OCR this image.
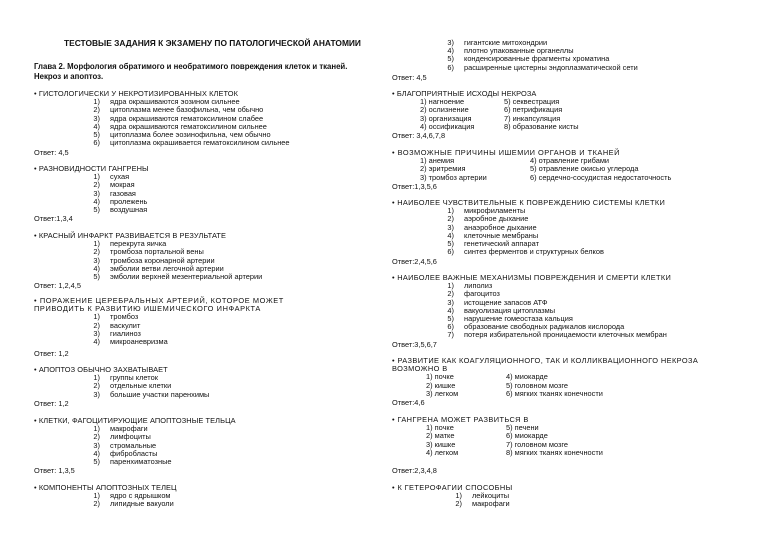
ТЕСТОВЫЕ ЗАДАНИЯ К ЭКЗАМЕНУ ПО ПАТОЛОГИЧЕСКОЙ АНАТОМИИ
Глава 2. Морфология обратимого и необратимого повреждения клеток и тканей. Некроз и апоптоз.
• ГИСТОЛОГИЧЕСКИ У НЕКРОТИЗИРОВАННЫХ КЛЕТОК
1) ядра окрашиваются эозином сильнее
2) цитоплазма менее базофильна, чем обычно
3) ядра окрашиваются гематоксилином слабее
4) ядра окрашиваются гематоксилином сильнее
5) цитоплазма более эозинофильна, чем обычно
6) цитоплазма окрашивается гематоксилином сильнее
Ответ: 4,5
• РАЗНОВИДНОСТИ ГАНГРЕНЫ
1) сухая
2) мокрая
3) газовая
4) пролежень
5) воздушная
Ответ:1,3,4
• КРАСНЫЙ ИНФАРКТ РАЗВИВАЕТСЯ В РЕЗУЛЬТАТЕ
1) перекрута яичка
2) тромбоза портальной вены
3) тромбоза коронарной артерии
4) эмболии ветви легочной артерии
5) эмболии верхней мезентериальной артерии
Ответ: 1,2,4,5
• ПОРАЖЕНИЕ ЦЕРЕБРАЛЬНЫХ АРТЕРИЙ, КОТОРОЕ МОЖЕТ ПРИВОДИТЬ К РАЗВИТИЮ ИШЕМИЧЕСКОГО ИНФАРКТА
1) тромбоз
2) васкулит
3) гиалиноз
4) микроаневризма
Ответ: 1,2
• АПОПТОЗ ОБЫЧНО ЗАХВАТЫВАЕТ
1) группы клеток
2) отдельные клетки
3) большие участки паренхимы
Ответ: 1,2
• КЛЕТКИ, ФАГОЦИТИРУЮЩИЕ АПОПТОЗНЫЕ ТЕЛЬЦА
1) макрофаги
2) лимфоциты
3) стромальные
4) фибробласты
5) паренхиматозные
Ответ: 1,3,5
• КОМПОНЕНТЫ АПОПТОЗНЫХ ТЕЛЕЦ
1) ядро с ядрышком
2) липидные вакуоли
3) гигантские митохондрии
4) плотно упакованные органеллы
5) конденсированные фрагменты хроматина
6) расширенные цистерны эндоплазматической сети
Ответ: 4,5
• БЛАГОПРИЯТНЫЕ ИСХОДЫ НЕКРОЗА
1) нагноение	5) секвестрация
2) ослизнение	6) петрификация
3) организация	7) инкапсуляция
4) оссификация	8) образование кисты
Ответ: 3,4,6,7,8
• ВОЗМОЖНЫЕ ПРИЧИНЫ ИШЕМИИ ОРГАНОВ И ТКАНЕЙ
1) анемия	4) отравление грибами
2) эритремия	5) отравление окисью углерода
3) тромбоз артерии	6) сердечно-сосудистая недостаточность
Ответ:1,3,5,6
• НАИБОЛЕЕ ЧУВСТВИТЕЛЬНЫЕ К ПОВРЕЖДЕНИЮ СИСТЕМЫ КЛЕТКИ
1) микрофиламенты
2) аэробное дыхание
3) анаэробное дыхание
4) клеточные мембраны
5) генетический аппарат
6) синтез ферментов и структурных белков
Ответ:2,4,5,6
• НАИБОЛЕЕ ВАЖНЫЕ МЕХАНИЗМЫ ПОВРЕЖДЕНИЯ И СМЕРТИ КЛЕТКИ
1) липолиз
2) фагоцитоз
3) истощение запасов АТФ
4) вакуолизация цитоплазмы
5) нарушение гомеостаза кальция
6) образование свободных радикалов кислорода
7) потеря избирательной проницаемости клеточных мембран
Ответ:3,5,6,7
• РАЗВИТИЕ КАК КОАГУЛЯЦИОННОГО, ТАК И КОЛЛИКВАЦИОННОГО НЕКРОЗА ВОЗМОЖНО В
1) почке	4) миокарде
2) кишке	5) головном мозге
3) легком	6) мягких тканях конечности
Ответ:4,6
• ГАНГРЕНА МОЖЕТ РАЗВИТЬСЯ В
1) почке	5) печени
2) матке	6) миокарде
3) кишке	7) головном мозге
4) легком	8) мягких тканях конечности
Ответ:2,3,4,8
• К ГЕТЕРОФАГИИ СПОСОБНЫ
1) лейкоциты
2) макрофаги
